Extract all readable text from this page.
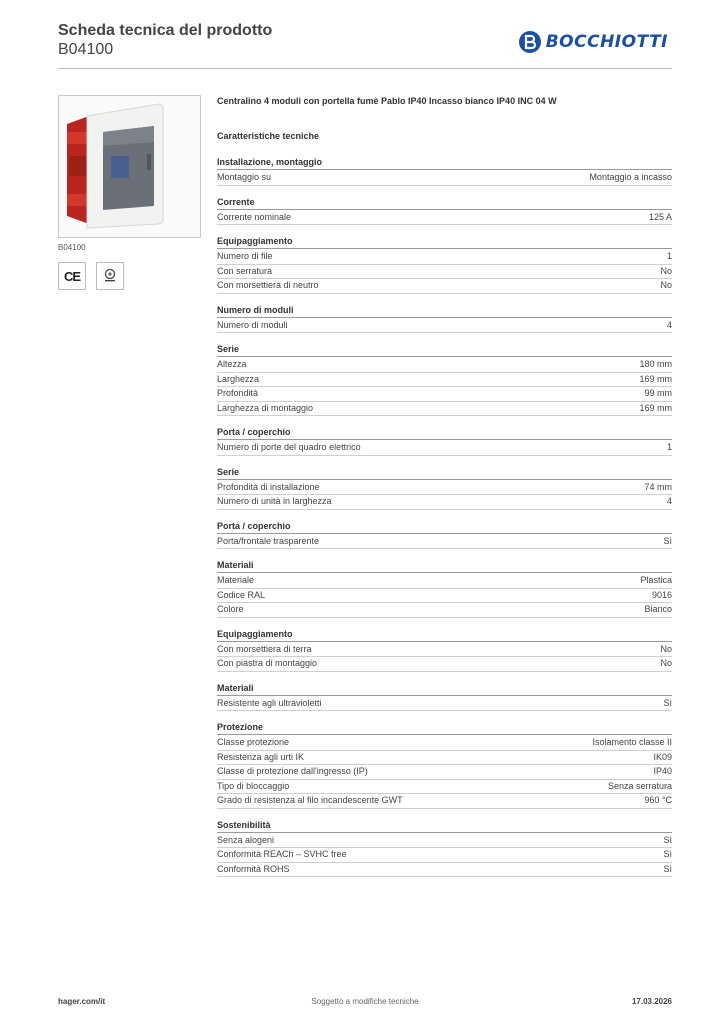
Scheda tecnica del prodotto
B04100	BOCCHIOTTI
B04100
CE
Centralino 4 moduli con portella fumè Pablo IP40 Incasso bianco IP40 INC 04 W
Caratteristiche tecniche
Installazione, montaggio
Montaggio su	Montaggio a incasso
Corrente
Corrente nominale	125 A
Equipaggiamento
Numero di file	1
Con serratura	No
Con morsettiera di neutro	No
Numero di moduli
Numero di moduli	4
Serie
Altezza	180 mm
Larghezza	169 mm
Profondità	99 mm
Larghezza di montaggio	169 mm
Porta / coperchio
Numero di porte del quadro elettrico	1
Serie
Profondità di installazione	74 mm
Numero di unità in larghezza	4
Porta / coperchio
Porta/frontale trasparente	Sì
Materiali
Materiale	Plastica
Codice RAL	9016
Colore	Bianco
Equipaggiamento
Con morsettiera di terra	No
Con piastra di montaggio	No
Materiali
Resistente agli ultravioletti	Sì
Protezione
Classe protezione	Isolamento classe II
Resistenza agli urti IK	IK09
Classe di protezione dall'ingresso (IP)	IP40
Tipo di bloccaggio	Senza serratura
Grado di resistenza al filo incandescente GWT	960 °C
Sostenibilità
Senza alogeni	Sì
Conformità REACh – SVHC free	Sì
Conformità ROHS	Sì
hager.com/it	Soggetto a modifiche tecniche	17.03.2026
